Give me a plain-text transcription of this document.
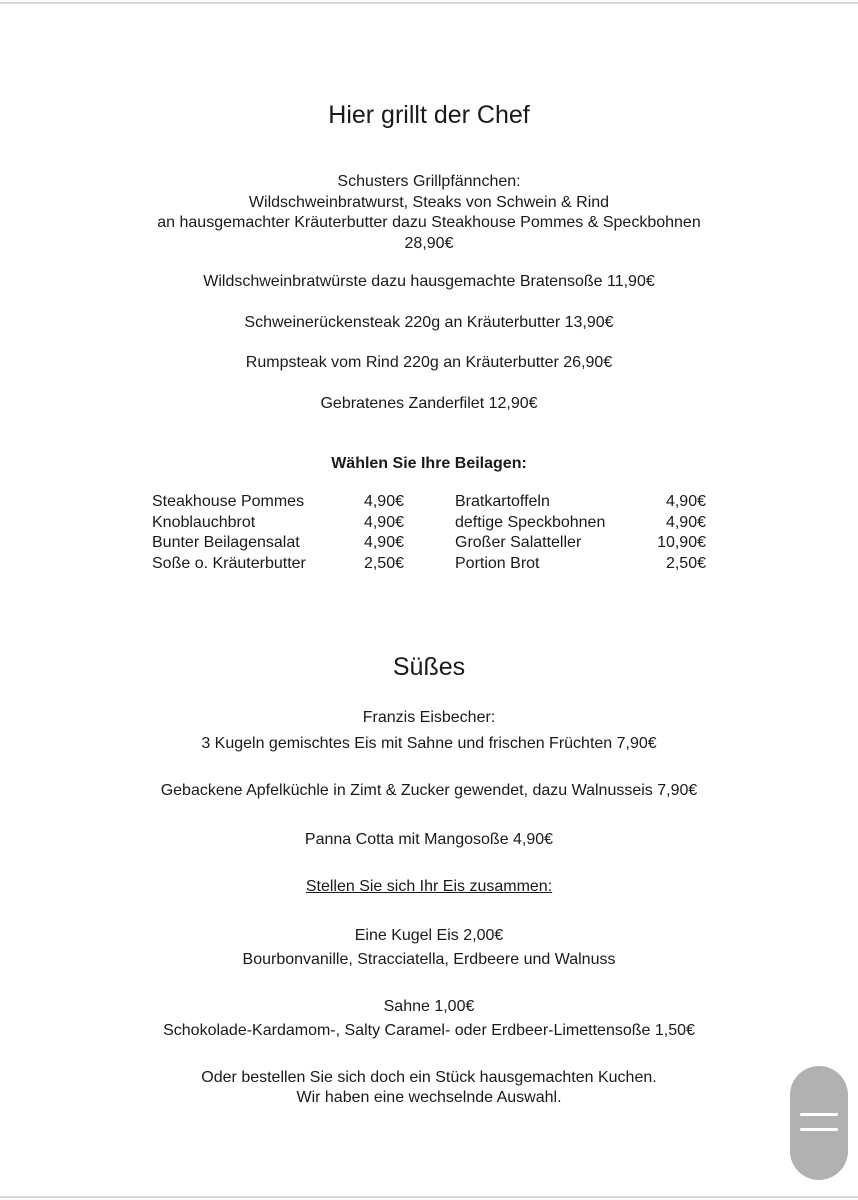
Hier grillt der Chef
Schusters Grillpfännchen:
Wildschweinbratwurst, Steaks von Schwein & Rind
an hausgemachter Kräuterbutter dazu Steakhouse Pommes & Speckbohnen
28,90€
Wildschweinbratwürste dazu hausgemachte Bratensoße 11,90€
Schweinerückensteak 220g an Kräuterbutter 13,90€
Rumpsteak vom Rind 220g an Kräuterbutter 26,90€
Gebratenes Zanderfilet 12,90€
Wählen Sie Ihre Beilagen:
Steakhouse Pommes	4,90€	Bratkartoffeln	4,90€
Knoblauchbrot	4,90€	deftige Speckbohnen	4,90€
Bunter Beilagensalat	4,90€	Großer Salatteller	10,90€
Soße o. Kräuterbutter	2,50€	Portion Brot	2,50€
Süßes
Franzis Eisbecher:
3 Kugeln gemischtes Eis mit Sahne und frischen Früchten 7,90€
Gebackene Apfelküchle in Zimt & Zucker gewendet, dazu Walnusseis 7,90€
Panna Cotta mit Mangosoße 4,90€
Stellen Sie sich Ihr Eis zusammen:
Eine Kugel Eis 2,00€
Bourbonvanille, Stracciatella, Erdbeere und Walnuss
Sahne 1,00€
Schokolade-Kardamom-, Salty Caramel- oder Erdbeer-Limettensoße 1,50€
Oder bestellen Sie sich doch ein Stück hausgemachten Kuchen.
Wir haben eine wechselnde Auswahl.
